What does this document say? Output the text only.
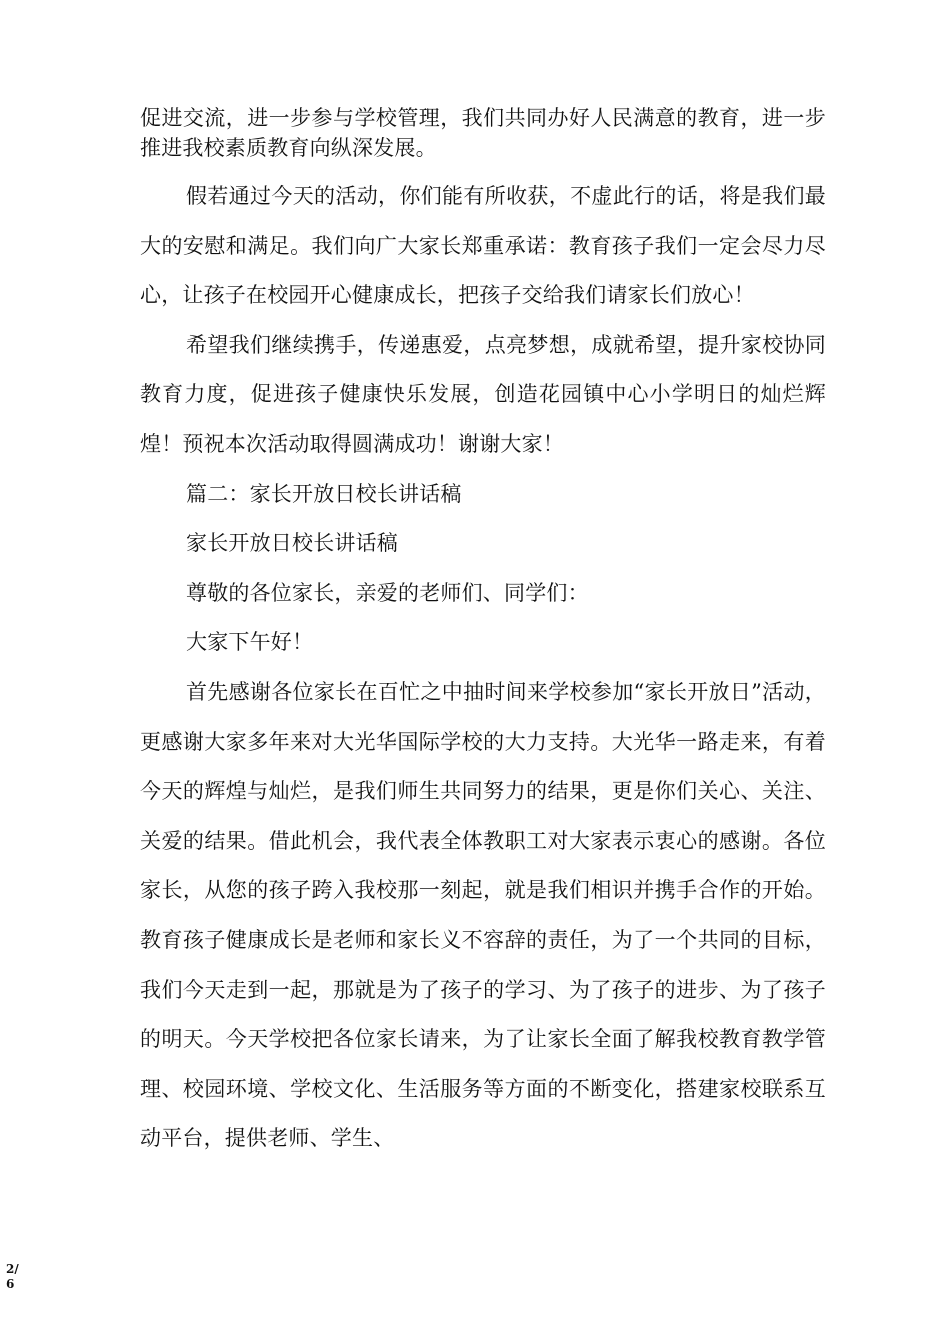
促进交流，进一步参与学校管理，我们共同办好人民满意的教育，进一步推进我校素质教育向纵深发展。

假若通过今天的活动，你们能有所收获，不虚此行的话，将是我们最大的安慰和满足。我们向广大家长郑重承诺：教育孩子我们一定会尽力尽心，让孩子在校园开心健康成长，把孩子交给我们请家长们放心！

希望我们继续携手，传递惠爱，点亮梦想，成就希望，提升家校协同教育力度，促进孩子健康快乐发展，创造花园镇中心小学明日的灿烂辉煌！预祝本次活动取得圆满成功！谢谢大家！

篇二：家长开放日校长讲话稿

家长开放日校长讲话稿

尊敬的各位家长，亲爱的老师们、同学们：

大家下午好！

首先感谢各位家长在百忙之中抽时间来学校参加“家长开放日”活动，更感谢大家多年来对大光华国际学校的大力支持。大光华一路走来，有着今天的辉煌与灿烂，是我们师生共同努力的结果，更是你们关心、关注、关爱的结果。借此机会，我代表全体教职工对大家表示衷心的感谢。各位家长，从您的孩子跨入我校那一刻起，就是我们相识并携手合作的开始。教育孩子健康成长是老师和家长义不容辞的责任，为了一个共同的目标，我们今天走到一起，那就是为了孩子的学习、为了孩子的进步、为了孩子的明天。今天学校把各位家长请来，为了让家长全面了解我校教育教学管理、校园环境、学校文化、生活服务等方面的不断变化，搭建家校联系互动平台，提供老师、学生、

2/6
